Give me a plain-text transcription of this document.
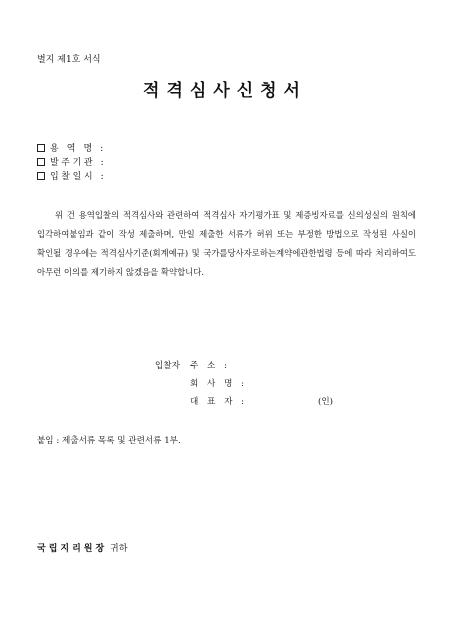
별지 제1호 서식
적격심사신청서
용 역 명 :
발주기관 :
입찰일시 :
위 건 용역입찰의 적격심사와 관련하여 적격심사 자기평가표 및 제증빙자료를 신의성실의 원칙에 입각하여붙임과 같이 작성 제출하며, 만일 제출한 서류가 허위 또는 부정한 방법으로 작성된 사실이 확인될 경우에는 적격심사기준(회계예규) 및 국가를당사자로하는계약에관한법령 등에 따라 처리하여도 아무런 이의를 제기하지 않겠음을 확약합니다.
입찰자 주 소 :
회 사 명 :
대 표 자 :	(인)
붙임 : 제출서류 목록 및 관련서류 1부.
국립지리원장 귀하
